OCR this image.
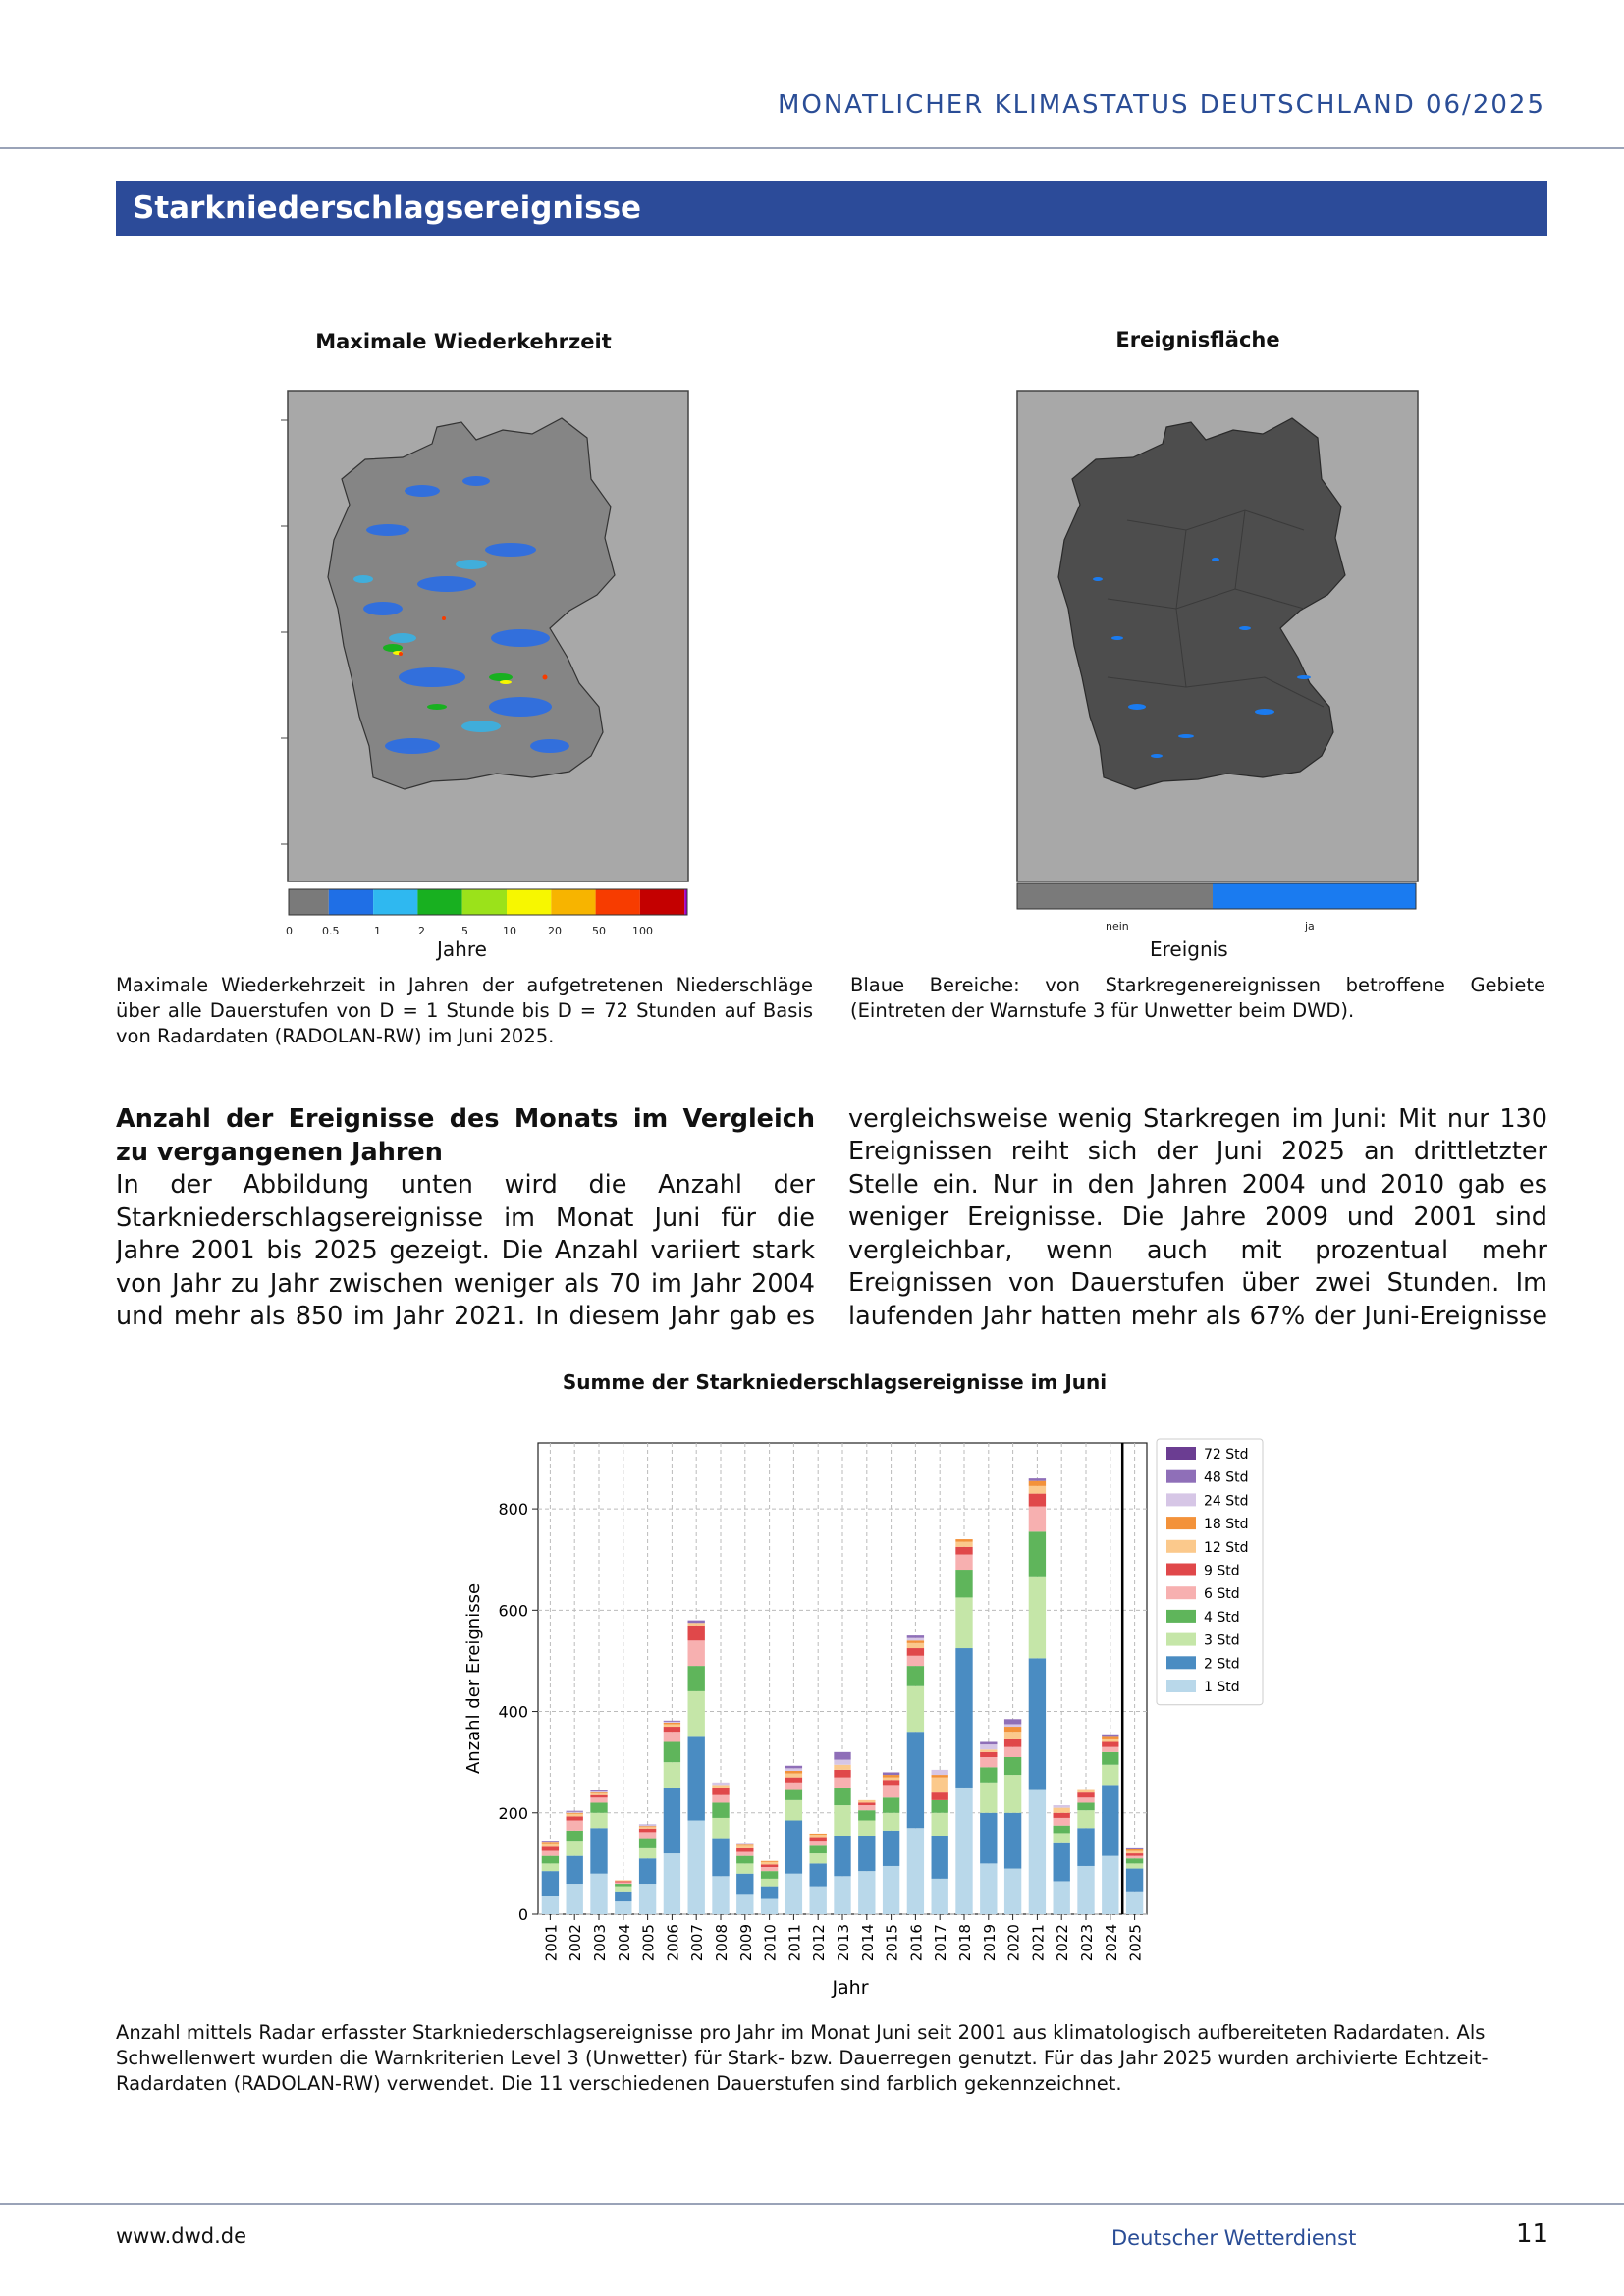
MONATLICHER KLIMASTATUS DEUTSCHLAND 06/2025
Starkniederschlagsereignisse
Maximale Wiederkehrzeit
0	0.5	1	2	5	10	20	50 100
Jahre
Maximale Wiederkehrzeit in Jahren der aufgetretenen Niederschläge über alle Dauerstufen von D = 1 Stunde bis D = 72 Stunden auf Basis von Radardaten (RADOLAN-RW) im Juni 2025.
Ereignisfläche
nein	ja
Ereignis
Blaue Bereiche: von Starkregenereignissen betroffene Gebiete (Eintreten der Warnstufe 3 für Unwetter beim DWD).
Anzahl der Ereignisse des Monats im Vergleich zu vergangenen Jahren
In der Abbildung unten wird die Anzahl der Starkniederschlagsereignisse im Monat Juni für die Jahre 2001 bis 2025 gezeigt. Die Anzahl variiert stark von Jahr zu Jahr zwischen weniger als 70 im Jahr 2004 und mehr als 850 im Jahr 2021. In diesem Jahr gab es

vergleichsweise wenig Starkregen im Juni: Mit nur 130 Ereignissen reiht sich der Juni 2025 an drittletzter Stelle ein. Nur in den Jahren 2004 und 2010 gab es weniger Ereignisse. Die Jahre 2009 und 2001 sind vergleichbar, wenn auch mit prozentual mehr Ereignissen von Dauerstufen über zwei Stunden. Im laufenden Jahr hatten mehr als 67% der Juni-Ereignisse
Summe der Starkniederschlagsereignisse im Juni
0
200
400
600
800
2001 2002 2003 2004 2005 2006 2007 2008 2009 2010 2011 2012 2013 2014 2015 2016 2017 2018 2019 2020 2021 2022 2023 2024 2025
72 Std
48 Std
24 Std
18 Std
12 Std
9 Std
6 Std
4 Std
3 Std
2 Std
1 Std
Anzahl der Ereignisse
Jahr
Anzahl mittels Radar erfasster Starkniederschlagsereignisse pro Jahr im Monat Juni seit 2001 aus klimatologisch aufbereiteten Radardaten. Als Schwellenwert wurden die Warnkriterien Level 3 (Unwetter) für Stark- bzw. Dauerregen genutzt. Für das Jahr 2025 wurden archivierte Echtzeit-Radardaten (RADOLAN-RW) verwendet. Die 11 verschiedenen Dauerstufen sind farblich gekennzeichnet.
www.dwd.de	Deutscher Wetterdienst	11
